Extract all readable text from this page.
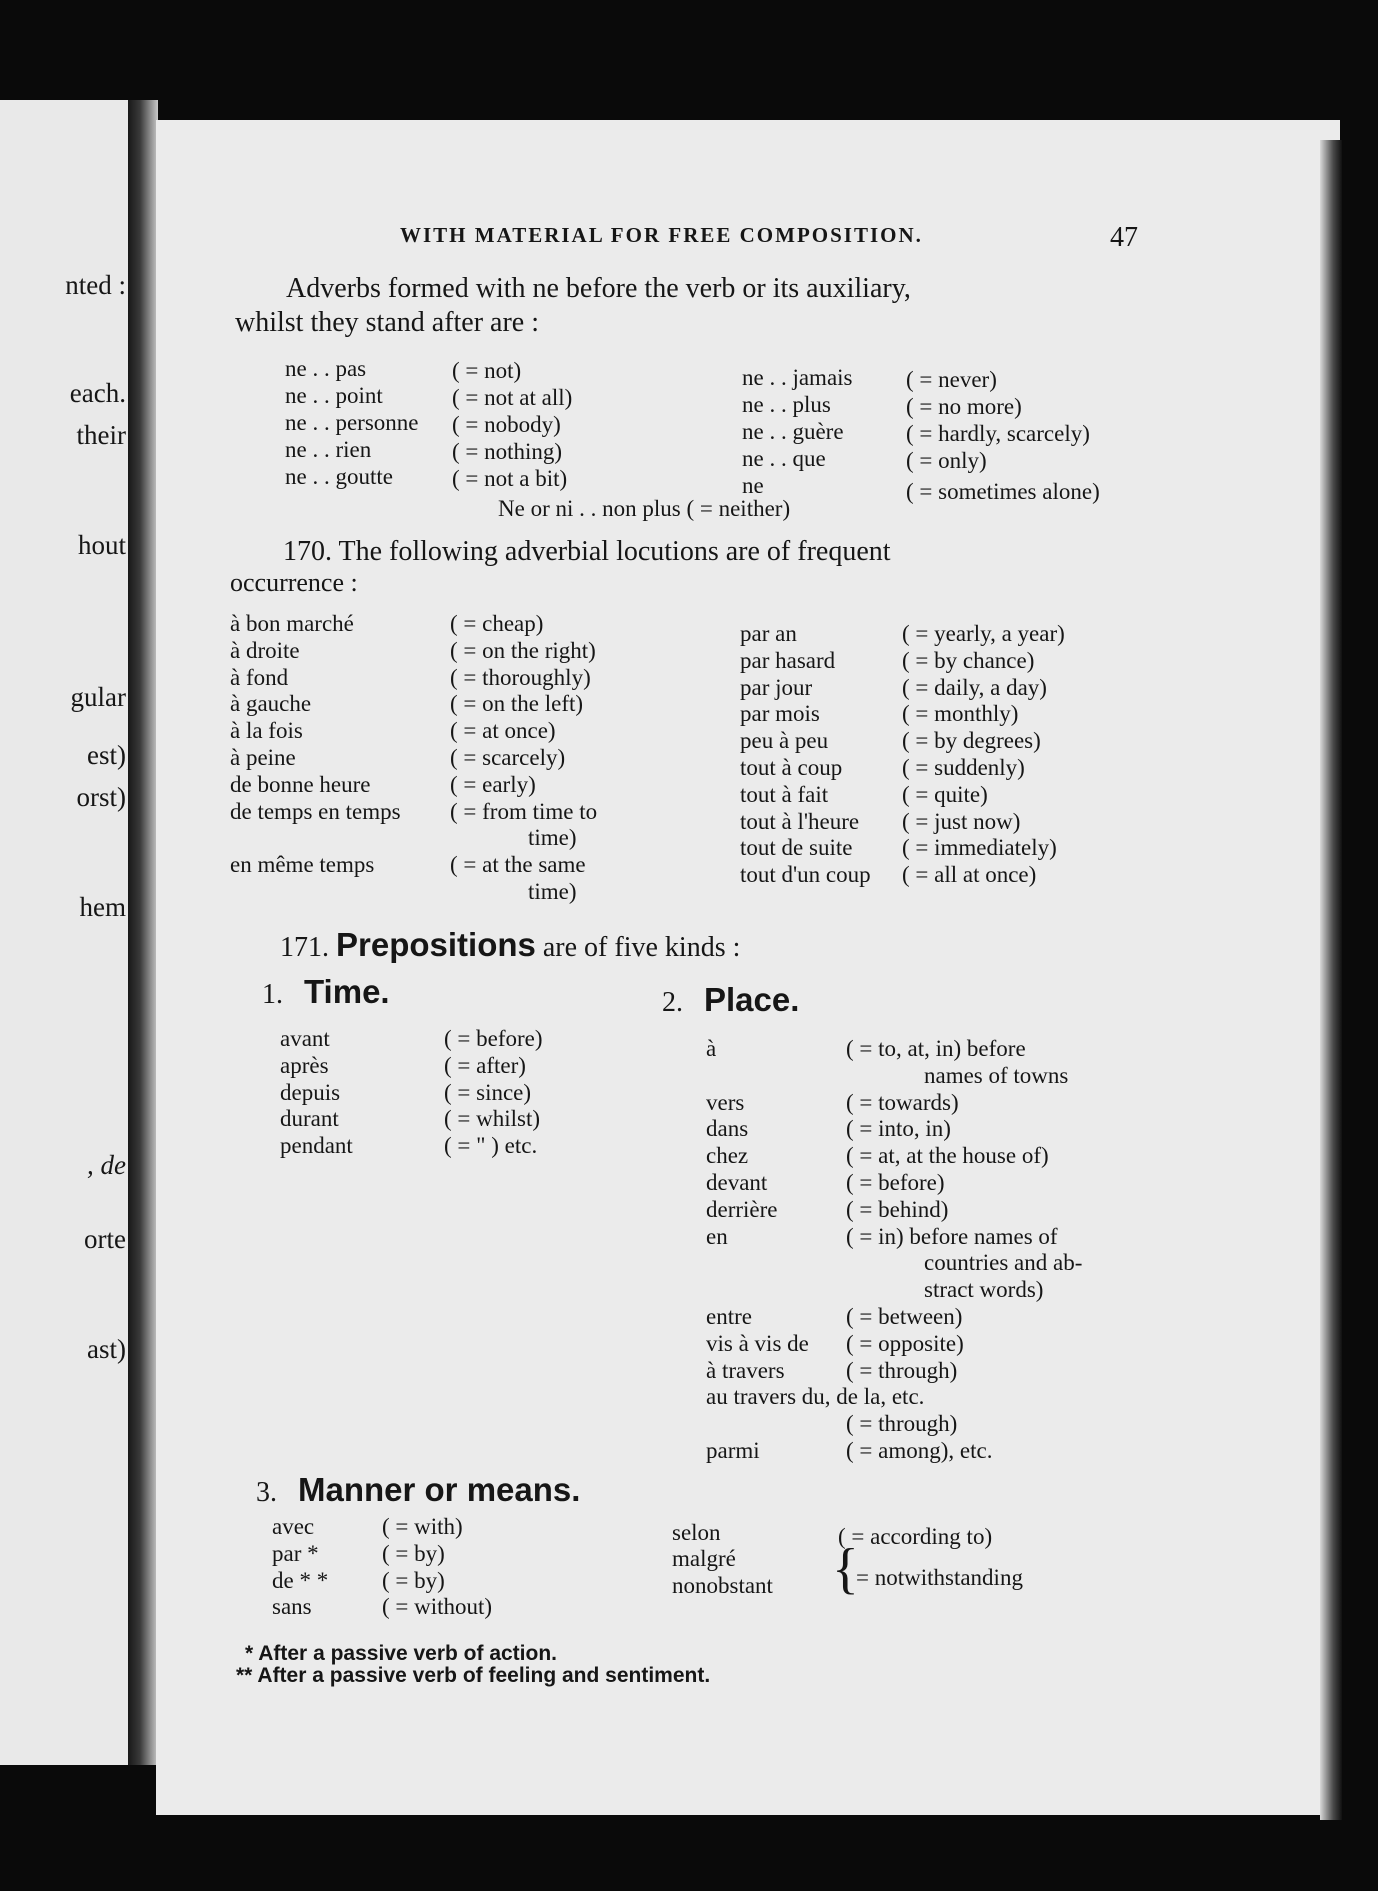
nted :
each.
their
hout
gular
est)
orst)
hem
, de
orte
ast)
WITH MATERIAL FOR FREE COMPOSITION.	47
Adverbs formed with ne before the verb or its auxiliary,
whilst they stand after are :
ne . . pas	( = not)
ne . . point	( = not at all)
ne . . personne ( = nobody)
ne . . rien	( = nothing)
ne . . goutte	( = not a bit)
ne . . jamais ( = never)
ne . . plus	( = no more)
ne . . guère	( = hardly, scarcely)
ne . . que	( = only)
ne	( = sometimes alone)
Ne or ni . . non plus ( = neither)
170. The following adverbial locutions are of frequent
occurrence :
à bon marché	( = cheap)
à droite	( = on the right)
à fond	( = thoroughly)
à gauche	( = on the left)
à la fois	( = at once)
à peine	( = scarcely)
de bonne heure	( = early)
de temps en temps ( = from time to
time)
en même temps	( = at the same
time)
par an	( = yearly, a year)
par hasard	( = by chance)
par jour	( = daily, a day)
par mois	( = monthly)
peu à peu	( = by degrees)
tout à coup	( = suddenly)
tout à fait	( = quite)
tout à l'heure ( = just now)
tout de suite ( = immediately)
tout d'un coup ( = all at once)
171. Prepositions are of five kinds :
1. Time.	2. Place.
avant	( = before)
après	( = after)
depuis	( = since)
durant	( = whilst)
pendant	( = " ) etc.
à	( = to, at, in) before
names of towns
vers	( = towards)
dans	( = into, in)
chez	( = at, at the house of)
devant	( = before)
derrière	( = behind)
en	( = in) before names of
countries and ab-
stract words)
entre	( = between)
vis à vis de ( = opposite)
à travers	( = through)
au travers du, de la, etc.
( = through)
parmi	( = among), etc.
3. Manner or means.
avec	( = with)
par *	( = by)
de * * ( = by)
sans	( = without)
selon	( = according to)
malgré
nonobstant {
= notwithstanding
* After a passive verb of action.
** After a passive verb of feeling and sentiment.
